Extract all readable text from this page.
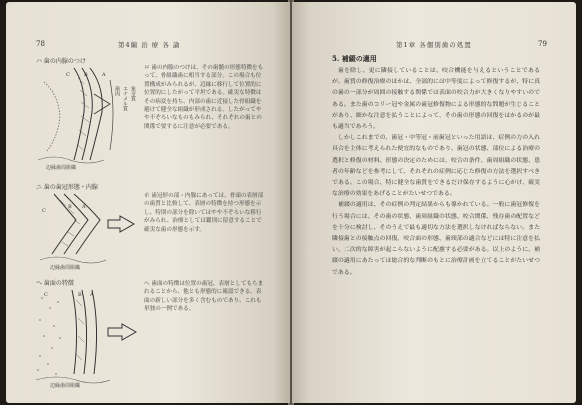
78	第4編 治 療 各 論
ハ 歯の内腺のつけ
C	B	A
歯肉 エナメル質 象牙質
辺縁歯周組織
ロ 歯の内腺のつけは、その歯髄の形態特徴をもって、骨組織歯に相当する部分。この場合も位置構成がみられるが、辺縁に移行して位置的に位置的にしたがって平坦である。確実な特徴はその病変を持ち、内部の歯に近接した骨組織を避けて健全な組織が形成される。したがってやや不ぞろいなものもみられ、それぞれの歯との関係で要するに注意が必要である。
ニ 歯の歯冠形態・内腺
C
B A
辺縁歯周組織
ホ 歯冠形の部・内腺にあっては、骨頭の表層部の歯質と比較して、表層の特徴を持つ形態を示し、特別の部分を除いてはやや不ぞろいな移行がみられ、治療としては鑑別に留意することで確実な歯の形態を示す。
へ 歯面の特徴
C	B A
辺縁歯周組織
へ 歯面の特徴は位置の歯冠、表層としてもちまれることから、他とも形態的に確認できる。表面の新しい部分を多く含むものであり、これも単独の一例である。
第1章 各個別歯の処置	79
5. 補綴の適用

歯を除し、更に隣接していることは、咬合機能を与えるということであるが、歯質の修復治療のほかは、全部的には中等度によって修復するが、特に真の歯の一部分が周囲の接触する関係では表面の咬合力が大きくなりやすいのである。また歯のコリー冠や金属の歯冠修復物による形態的な問題が生じることがあり、細かな注意を払うことによって、その歯の形態の回復をはかるのが最も適当であろう。

しかしこれまでの、歯冠・中等冠・前歯冠といった用語は、症例の力の入れ具合を主体に考えられた便宜的なものであり、歯冠の状態、部位による治療の選択と修復の材料、形態の決定のためには、咬合の条件、歯周組織の状態、患者の年齢などを参考にして、それぞれの症例に応じた修復の方法を選択すべきである。この場合、特に健全な歯質をできるだけ保存するように心がけ、確実な治療の効果をあげることがたいせつである。

補綴の適用は、その症例の判定結果からも導かれている。一般に歯冠修復を行う場合には、その歯の状態、歯周組織の状態、咬合関係、残存歯の配置などを十分に検討し、そのうえで最も適切な方法を選択しなければならない。また隣接歯との接触点の回復、咬合面の形態、歯頸部の適合などには特に注意を払い、二次的な障害が起こらないように配慮する必要がある。以上のように、補綴の適用にあたっては総合的な判断のもとに治療計画を立てることがたいせつである。
